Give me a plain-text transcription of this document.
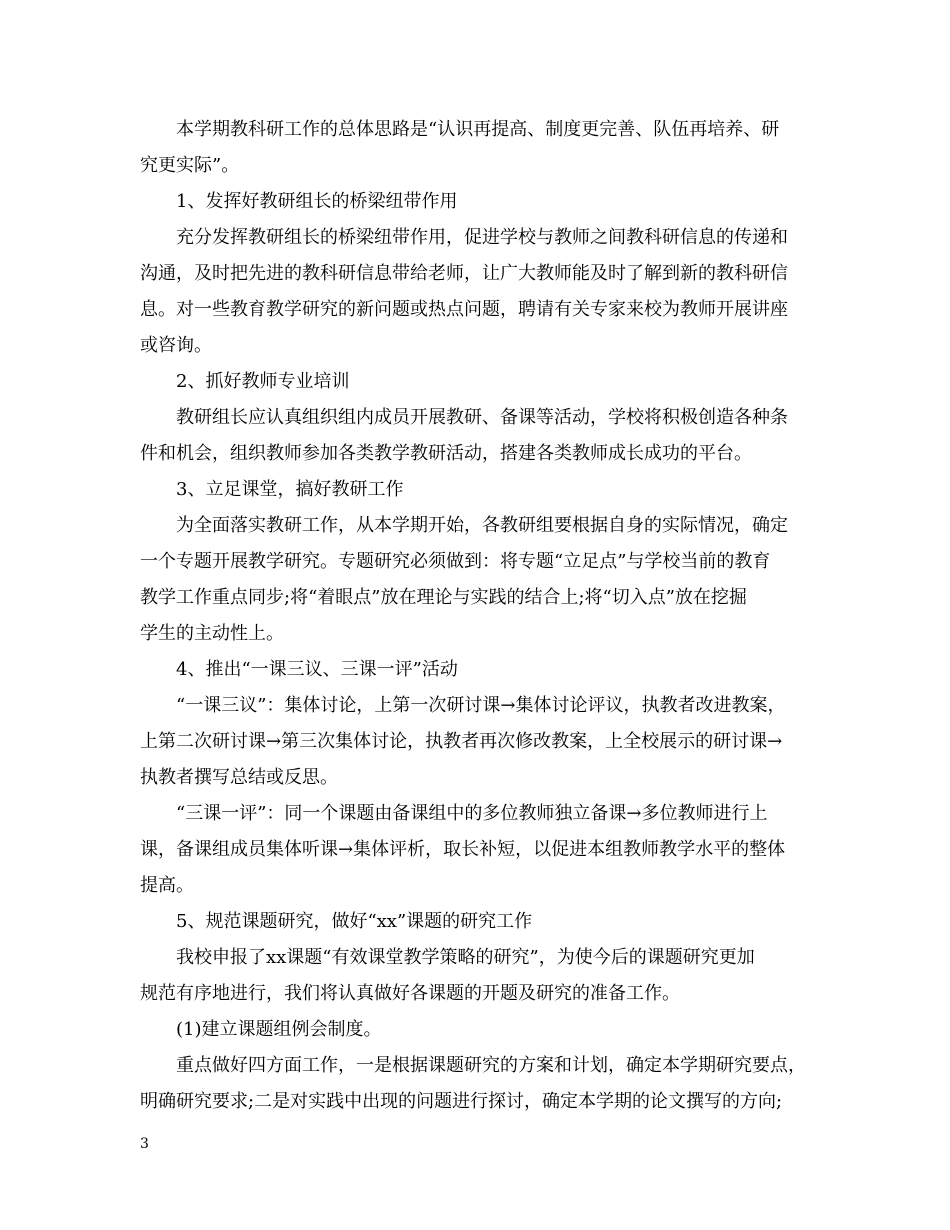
本学期教科研工作的总体思路是“认识再提高、制度更完善、队伍再培养、研
究更实际”。
1、发挥好教研组长的桥梁纽带作用
充分发挥教研组长的桥梁纽带作用，促进学校与教师之间教科研信息的传递和
沟通，及时把先进的教科研信息带给老师，让广大教师能及时了解到新的教科研信
息。对一些教育教学研究的新问题或热点问题，聘请有关专家来校为教师开展讲座
或咨询。
2、抓好教师专业培训
教研组长应认真组织组内成员开展教研、备课等活动，学校将积极创造各种条
件和机会，组织教师参加各类教学教研活动，搭建各类教师成长成功的平台。
3、立足课堂，搞好教研工作
为全面落实教研工作，从本学期开始，各教研组要根据自身的实际情况，确定
一个专题开展教学研究。专题研究必须做到：将专题“立足点”与学校当前的教育
教学工作重点同步;将“着眼点”放在理论与实践的结合上;将“切入点”放在挖掘
学生的主动性上。
4、推出“一课三议、三课一评”活动
“一课三议”：集体讨论，上第一次研讨课→集体讨论评议，执教者改进教案，
上第二次研讨课→第三次集体讨论，执教者再次修改教案，上全校展示的研讨课→
执教者撰写总结或反思。
“三课一评”：同一个课题由备课组中的多位教师独立备课→多位教师进行上
课，备课组成员集体听课→集体评析，取长补短，以促进本组教师教学水平的整体
提高。
5、规范课题研究，做好“xx”课题的研究工作
我校申报了xx课题“有效课堂教学策略的研究”，为使今后的课题研究更加
规范有序地进行，我们将认真做好各课题的开题及研究的准备工作。
(1)建立课题组例会制度。
重点做好四方面工作，一是根据课题研究的方案和计划，确定本学期研究要点，
明确研究要求;二是对实践中出现的问题进行探讨，确定本学期的论文撰写的方向;
3
